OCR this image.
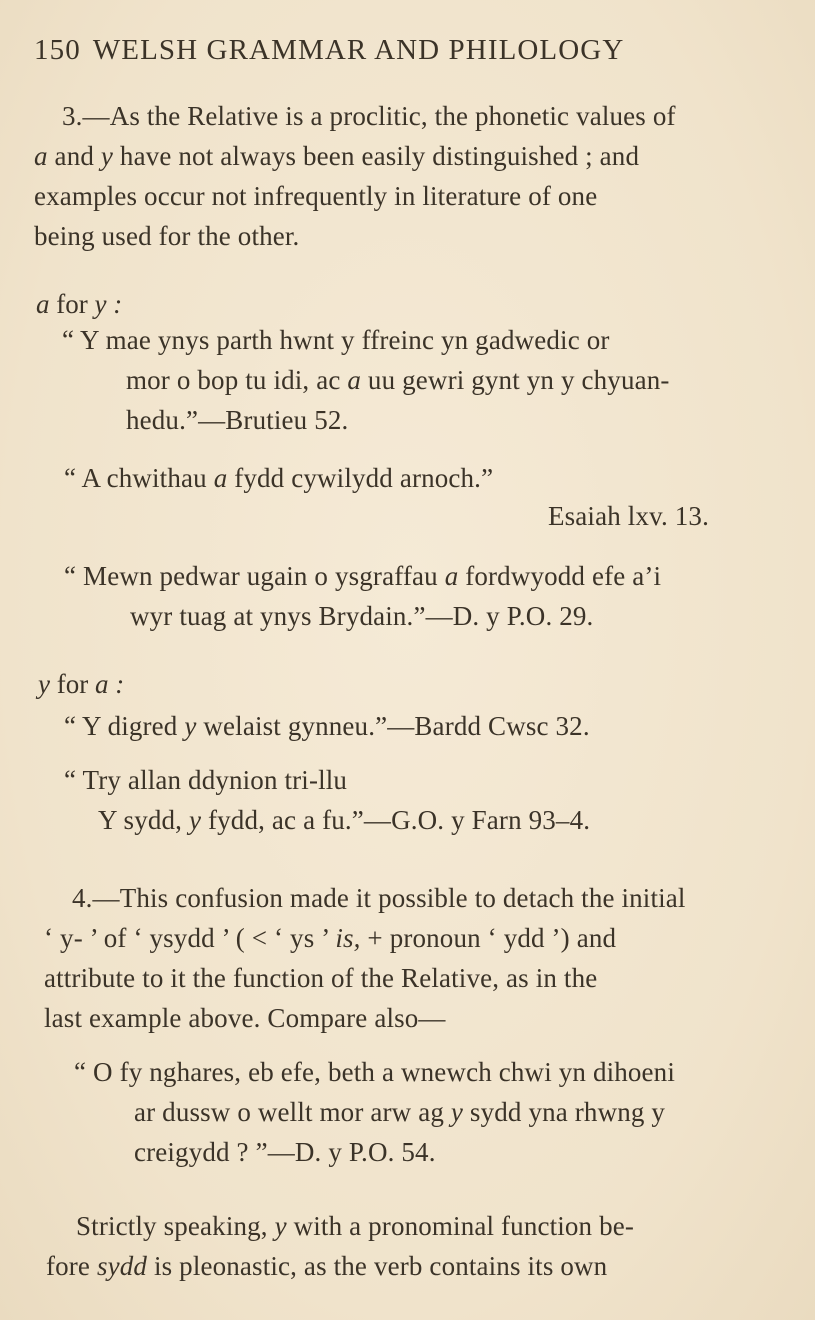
150 WELSH GRAMMAR AND PHILOLOGY
3.—As the Relative is a proclitic, the phonetic values of
a and y have not always been easily distinguished ; and
examples occur not infrequently in literature of one
being used for the other.
a for y :
“ Y mae ynys parth hwnt y ffreinc yn gadwedic or
mor o bop tu idi, ac a uu gewri gynt yn y chyuan-
hedu.”—Brutieu 52.
“ A chwithau a fydd cywilydd arnoch.”
Esaiah lxv. 13.
“ Mewn pedwar ugain o ysgraffau a fordwyodd efe a’i
wyr tuag at ynys Brydain.”—D. y P.O. 29.
y for a :
“ Y digred y welaist gynneu.”—Bardd Cwsc 32.
“ Try allan ddynion tri-llu
Y sydd, y fydd, ac a fu.”—G.O. y Farn 93–4.
4.—This confusion made it possible to detach the initial
‘ y- ’ of ‘ ysydd ’ ( < ‘ ys ’ is, + pronoun ‘ ydd ’) and
attribute to it the function of the Relative, as in the
last example above. Compare also—
“ O fy nghares, eb efe, beth a wnewch chwi yn dihoeni
ar dussw o wellt mor arw ag y sydd yna rhwng y
creigydd ? ”—D. y P.O. 54.
Strictly speaking, y with a pronominal function be-
fore sydd is pleonastic, as the verb contains its own
